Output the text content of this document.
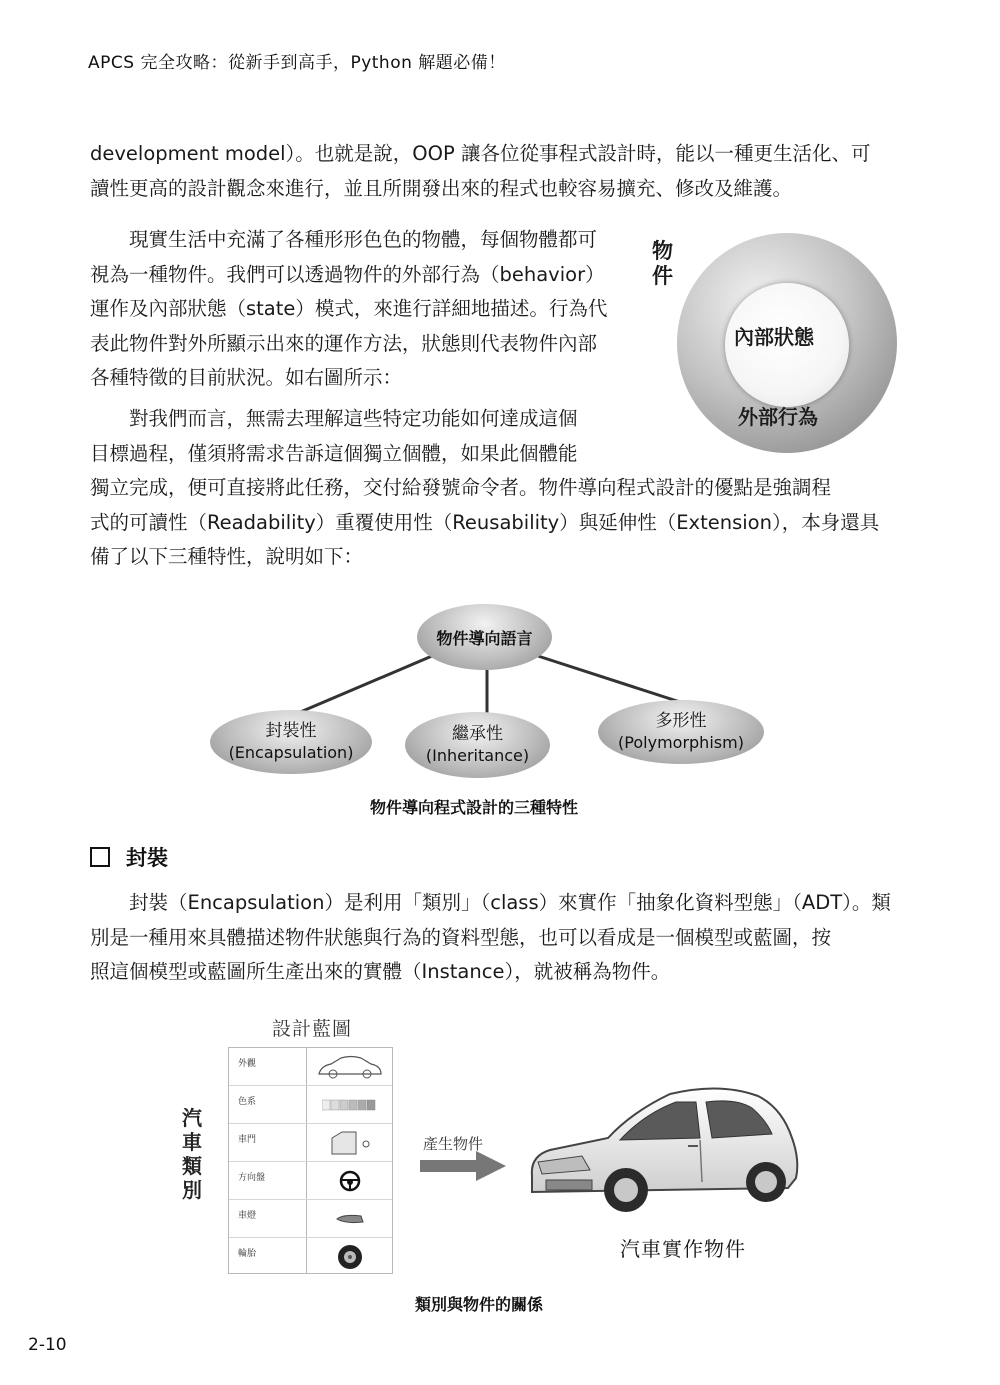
APCS 完全攻略：從新手到高手，Python 解題必備！
development model）。也就是說，OOP 讓各位從事程式設計時，能以一種更生活化、可
讀性更高的設計觀念來進行，並且所開發出來的程式也較容易擴充、修改及維護。
　　現實生活中充滿了各種形形色色的物體，每個物體都可
視為一種物件。我們可以透過物件的外部行為（behavior）
運作及內部狀態（state）模式，來進行詳細地描述。行為代
表此物件對外所顯示出來的運作方法，狀態則代表物件內部
各種特徵的目前狀況。如右圖所示：
　　對我們而言，無需去理解這些特定功能如何達成這個
目標過程，僅須將需求告訴這個獨立個體，如果此個體能
獨立完成，便可直接將此任務，交付給發號命令者。物件導向程式設計的優點是強調程
式的可讀性（Readability）重覆使用性（Reusability）與延伸性（Extension），本身還具
備了以下三種特性，說明如下：
物件
內部狀態
外部行為
物件導向語言
封裝性
(Encapsulation)
繼承性
(Inheritance)
多形性
(Polymorphism)
物件導向程式設計的三種特性
封裝
　　封裝（Encapsulation）是利用「類別」（class）來實作「抽象化資料型態」（ADT）。類
別是一種用來具體描述物件狀態與行為的資料型態，也可以看成是一個模型或藍圖，按
照這個模型或藍圖所生產出來的實體（Instance），就被稱為物件。
設計藍圖
汽車類別
外觀
色系
車門
方向盤
車燈
輪胎
產生物件
汽車實作物件
類別與物件的關係
2-10
